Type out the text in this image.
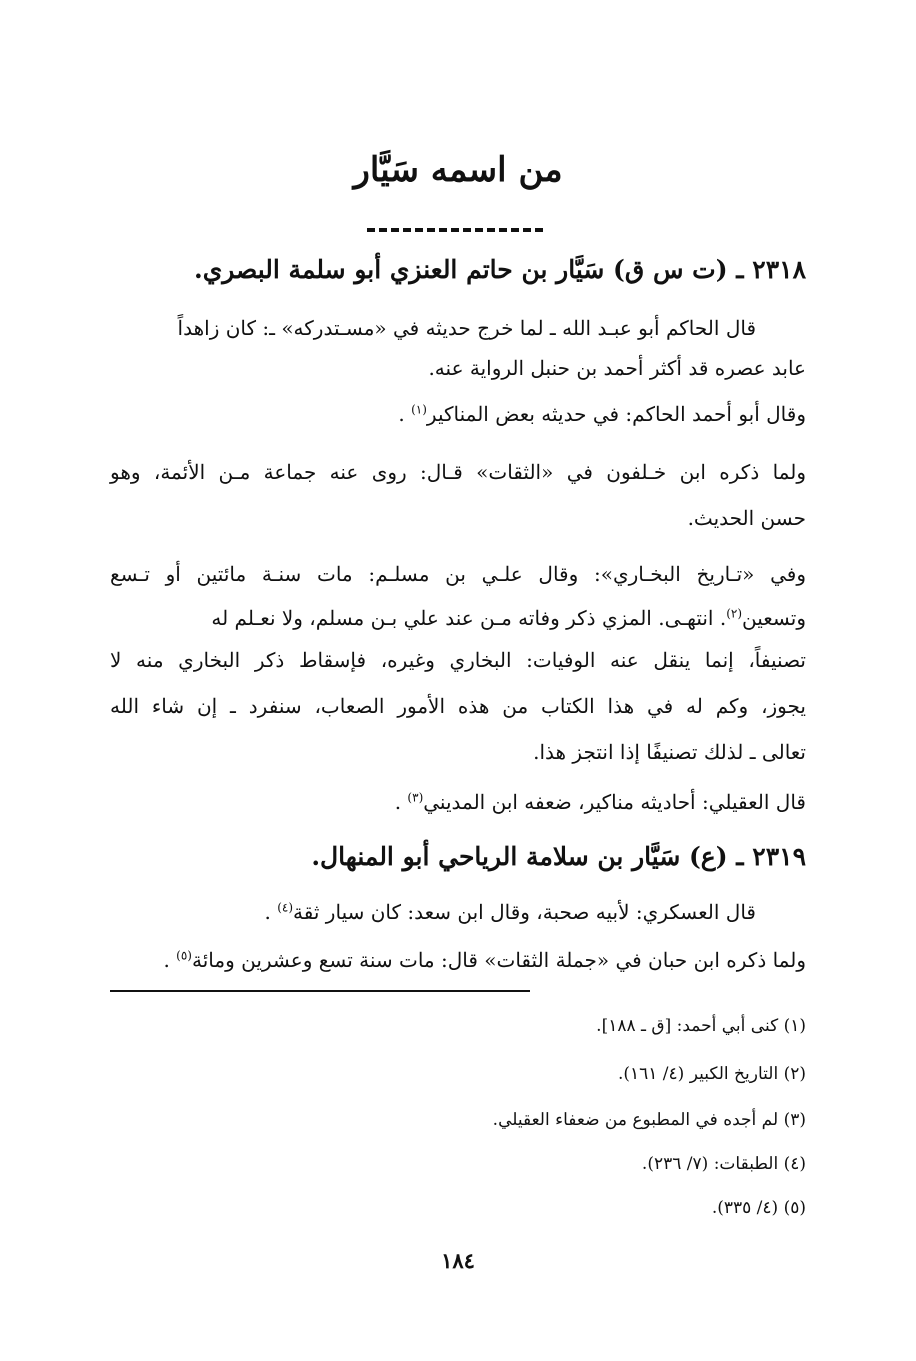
من اسمه سَيَّار
٢٣١٨ ـ (ت س ق) سَيَّار بن حاتم العنزي أبو سلمة البصري.

قال الحاكم أبو عبـد الله ـ لما خرج حديثه في «مسـتدركه» ـ: كان زاهداً

عابد عصره قد أكثر أحمد بن حنبل الرواية عنه.

وقال أبو أحمد الحاكم: في حديثه بعض المناكير$^{(١)}$ .

ولما ذكره ابن خـلفون في «الثقات» قـال: روى عنه جماعة مـن الأئمة، وهو

حسن الحديث.

وفي «تـاريخ البخـاري»: وقال علـي بن مسلـم: مات سنـة مائتين أو تـسع

وتسعين$^{(٢)}$. انتهـى. المزي ذكر وفاته مـن عند علي بـن مسلم، ولا نعـلم له

تصنيفاً، إنما ينقل عنه الوفيات: البخاري وغيره، فإسقاط ذكر البخاري منه لا

يجوز، وكم له في هذا الكتاب من هذه الأمور الصعاب، سنفرد ـ إن شاء الله

تعالى ـ لذلك تصنيفًا إذا انتجز هذا.

قال العقيلي: أحاديثه مناكير، ضعفه ابن المديني$^{(٣)}$ .

٢٣١٩ ـ (ع) سَيَّار بن سلامة الرياحي أبو المنهال.

قال العسكري: لأبيه صحبة، وقال ابن سعد: كان سيار ثقة$^{(٤)}$ .

ولما ذكره ابن حبان في «جملة الثقات» قال: مات سنة تسع وعشرين ومائة$^{(٥)}$ .

(١) كنى أبي أحمد: [ق ـ ١٨٨].

(٢) التاريخ الكبير (٤/ ١٦١).

(٣) لم أجده في المطبوع من ضعفاء العقيلي.

(٤) الطبقات: (٧/ ٢٣٦).

(٥) (٤/ ٣٣٥).

١٨٤
